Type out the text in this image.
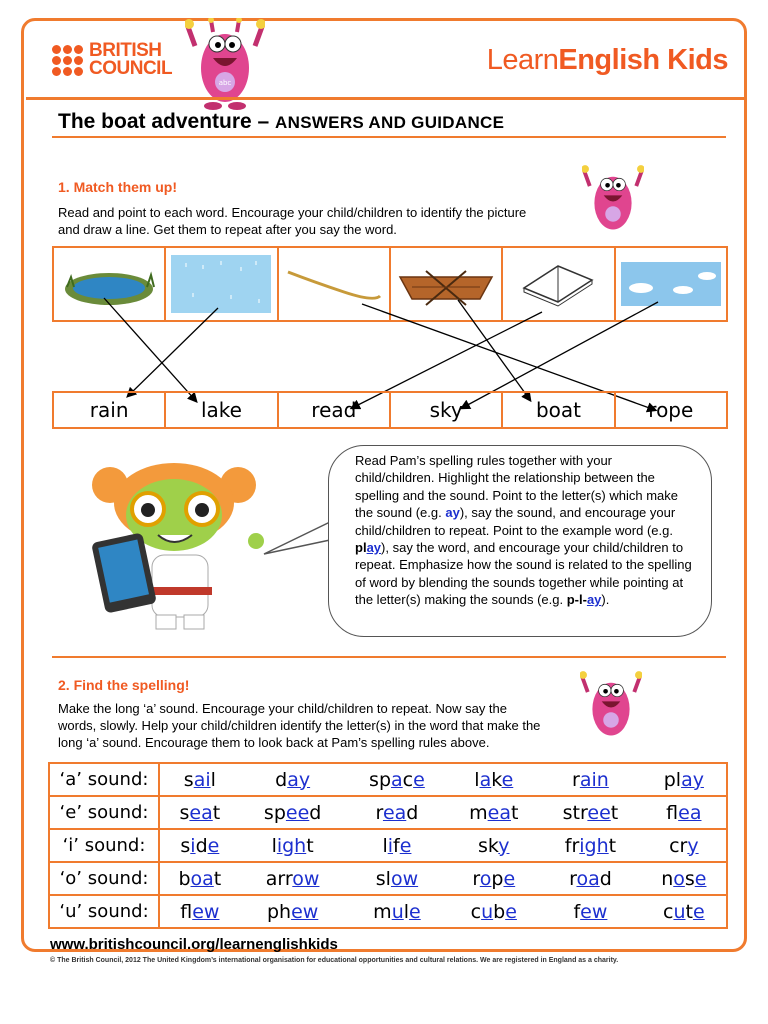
BRITISH
COUNCIL
abc
LearnEnglish Kids
The boat adventure – ANSWERS AND GUIDANCE
1. Match them up!
Read and point to each word. Encourage your child/children to identify the picture and draw a line. Get them to repeat after you say the word.
rain	lake	read	sky	boat	rope
Read Pam’s spelling rules together with your child/children. Highlight the relationship between the spelling and the sound. Point to the letter(s) which make the sound (e.g. ay), say the sound, and encourage your child/children to repeat. Point to the example word (e.g. play), say the word, and encourage your child/children to repeat. Emphasize how the sound is related to the spelling of word by blending the sounds together while pointing at the letter(s) making the sounds (e.g. p-l-ay).
2. Find the spelling!
Make the long ‘a’ sound. Encourage your child/children to repeat. Now say the words, slowly. Help your child/children identify the letter(s) in the word that make the long ‘a’ sound. Encourage them to look back at Pam’s spelling rules above.
‘a’ sound:	sail	day	space	lake	rain	play
‘e’ sound:	seat	speed	read	meat	street	flea
‘i’ sound:	side	light	life	sky	fright	cry
‘o’ sound:	boat	arrow	slow	rope	road	nose
‘u’ sound:	flew	phew	mule	cube	few	cute
www.britishcouncil.org/learnenglishkids
© The British Council, 2012 The United Kingdom’s international organisation for educational opportunities and cultural relations. We are registered in England as a charity.
